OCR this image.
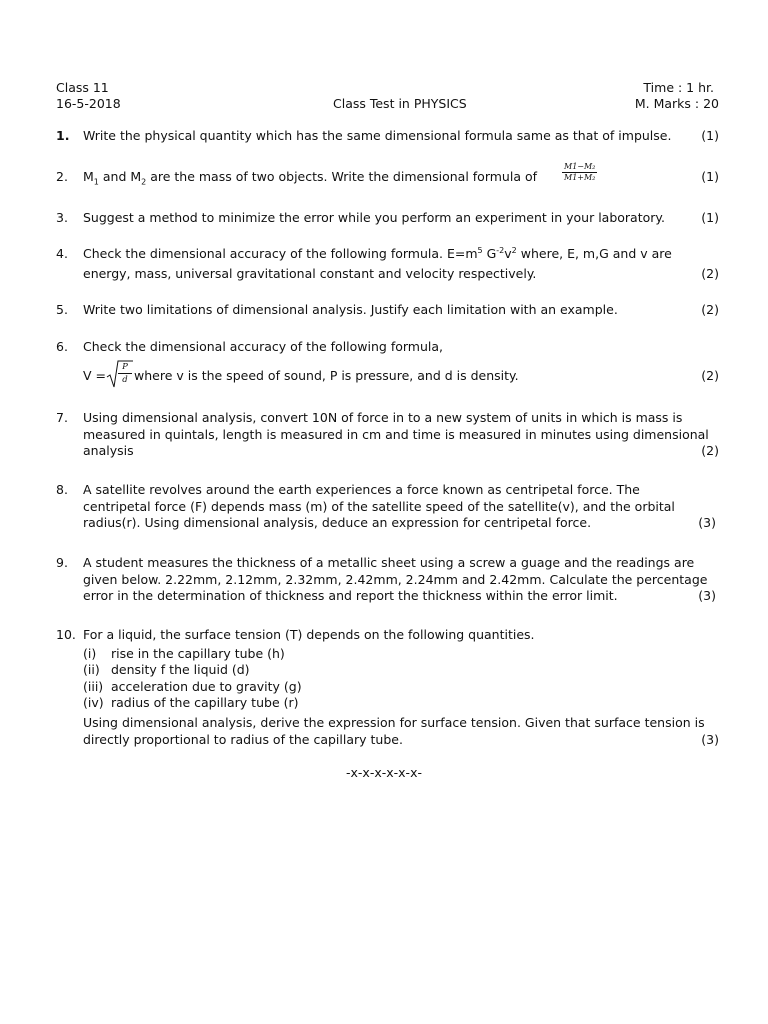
Class 11
16-5-2018	Class Test in PHYSICS
Time : 1 hr.
M. Marks : 20
1. Write the physical quantity which has the same dimensional formula same as that of impulse. (1)
2. $M_1$ and $M_2$ are the mass of two objects. Write the dimensional formula of	$\frac{\text{M1−M₂}}{\text{M1+M₂}}$	(1)
3. Suggest a method to minimize the error while you perform an experiment in your laboratory.	(1)
4. Check the dimensional accuracy of the following formula. $E=m^5$ $G^{-2}v^2$ where, E, m,G and v are
energy, mass, universal gravitational constant and velocity respectively.	(2)
5. Write two limitations of dimensional analysis. Justify each limitation with an example.	(2)
6. Check the dimensional accuracy of the following formula,
$V = \frac{P}{d}$ where v is the speed of sound, P is pressure, and d is density.	(2)
7. Using dimensional analysis, convert 10N of force in to a new system of units in which is mass is
measured in quintals, length is measured in cm and time is measured in minutes using dimensional
analysis	(2)
8. A satellite revolves around the earth experiences a force known as centripetal force. The
centripetal force (F) depends mass (m) of the satellite speed of the satellite(v), and the orbital
radius(r). Using dimensional analysis, deduce an expression for centripetal force.	(3)
9. A student measures the thickness of a metallic sheet using a screw a guage and the readings are
given below. 2.22mm, 2.12mm, 2.32mm, 2.42mm, 2.24mm and 2.42mm. Calculate the percentage
error in the determination of thickness and report the thickness within the error limit.	(3)
10. For a liquid, the surface tension (T) depends on the following quantities.
(i) rise in the capillary tube (h)
(ii) density f the liquid (d)
(iii) acceleration due to gravity (g)
(iv) radius of the capillary tube (r)
Using dimensional analysis, derive the expression for surface tension. Given that surface tension is
directly proportional to radius of the capillary tube.	(3)
-x-x-x-x-x-x-
